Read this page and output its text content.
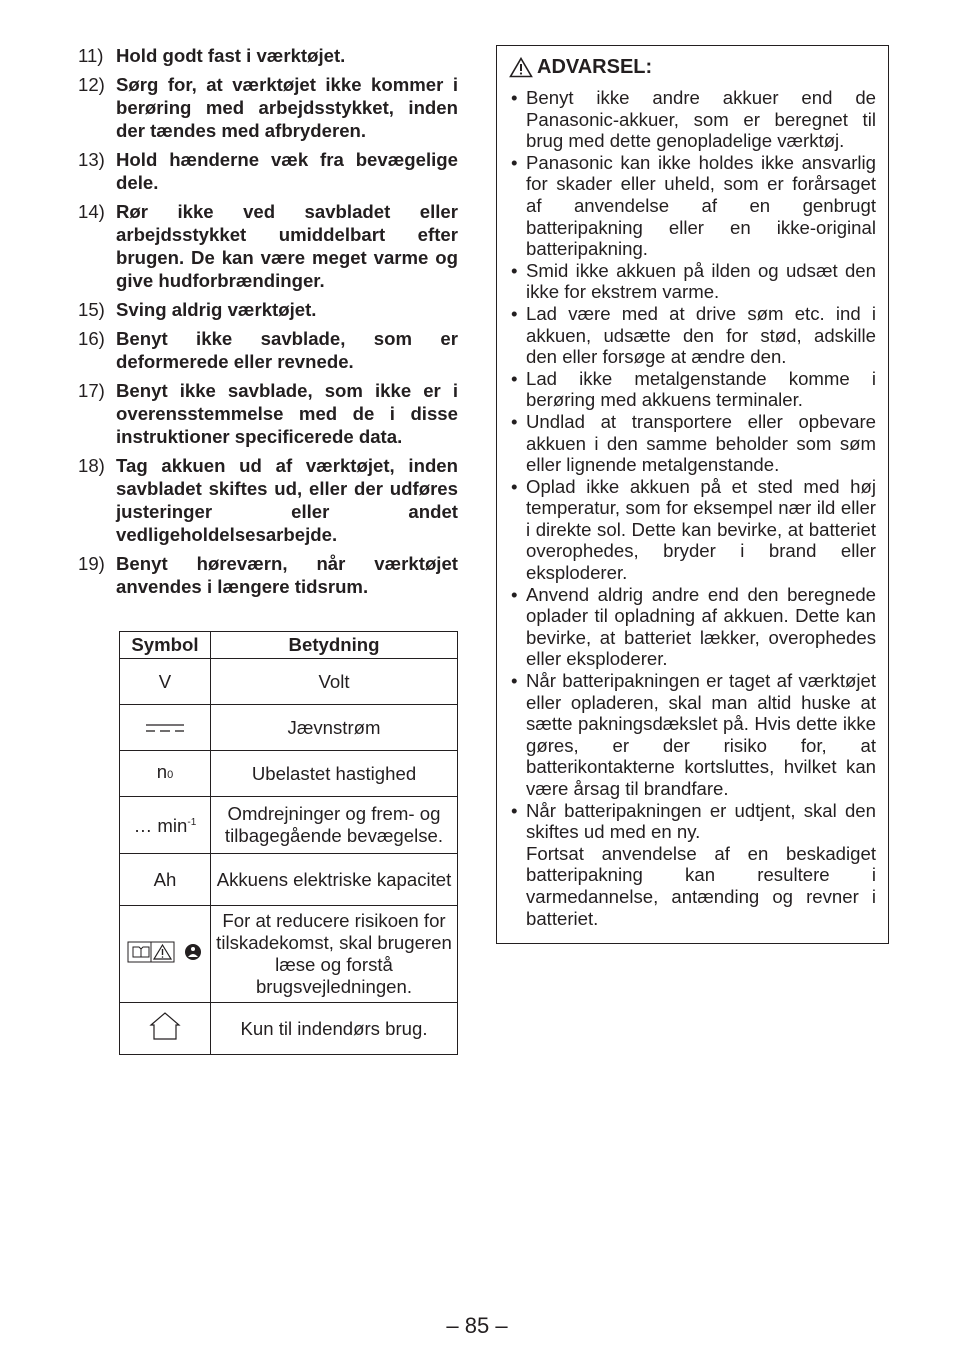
11) Hold godt fast i værktøjet.
12) Sørg for, at værktøjet ikke kommer i berøring med arbejdsstykket, inden der tændes med afbryderen.
13) Hold hænderne væk fra bevægelige dele.
14) Rør ikke ved savbladet eller arbejdsstykket umiddelbart efter brugen. De kan være meget varme og give hudforbrændinger.
15) Sving aldrig værktøjet.
16) Benyt ikke savblade, som er deformerede eller revnede.
17) Benyt ikke savblade, som ikke er i overensstemmelse med de i disse instruktioner specificerede data.
18) Tag akkuen ud af værktøjet, inden savbladet skiftes ud, eller der udføres justeringer eller andet vedligeholdelsesarbejde.
19) Benyt høreværn, når værktøjet anvendes i længere tidsrum.
Symbol	Betydning
V	Volt
	Jævnstrøm
n0	Ubelastet hastighed
… $\min^{-1}$	Omdrejninger og frem- og tilbagegående bevægelse.
Ah	Akkuens elektriske kapacitet
	For at reducere risikoen for tilskadekomst, skal brugeren læse og forstå brugsvejledningen.
	Kun til indendørs brug.
ADVARSEL:
• Benyt ikke andre akkuer end de Panasonic-akkuer, som er beregnet til brug med dette genopladelige værktøj.
• Panasonic kan ikke holdes ikke ansvarlig for skader eller uheld, som er forårsaget af anvendelse af en genbrugt batteripakning eller en ikke-original batteripakning.
• Smid ikke akkuen på ilden og udsæt den ikke for ekstrem varme.
• Lad være med at drive søm etc. ind i akkuen, udsætte den for stød, adskille den eller forsøge at ændre den.
• Lad ikke metalgenstande komme i berøring med akkuens terminaler.
• Undlad at transportere eller opbevare akkuen i den samme beholder som søm eller lignende metalgenstande.
• Oplad ikke akkuen på et sted med høj temperatur, som for eksempel nær ild eller i direkte sol. Dette kan bevirke, at batteriet overophedes, bryder i brand eller eksploderer.
• Anvend aldrig andre end den beregnede oplader til opladning af akkuen. Dette kan bevirke, at batteriet lækker, overophedes eller eksploderer.
• Når batteripakningen er taget af værktøjet eller opladeren, skal man altid huske at sætte pakningsdækslet på. Hvis dette ikke gøres, er der risiko for, at batterikontakterne kortsluttes, hvilket kan være årsag til brandfare.
• Når batteripakningen er udtjent, skal den skiftes ud med en ny.
Fortsat anvendelse af en beskadiget batteripakning kan resultere i varmedannelse, antænding og revner i batteriet.
– 85 –
